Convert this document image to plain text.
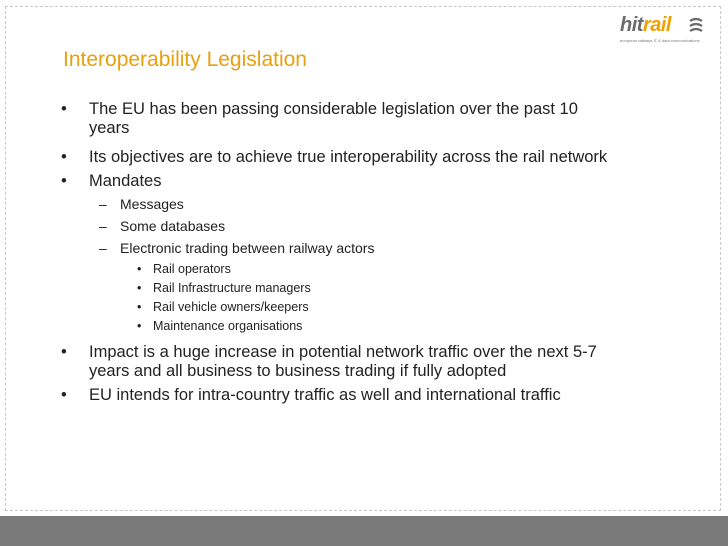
hitrail
european railways IT & data communications
Interoperability Legislation
• The EU has been passing considerable legislation over the past 10
years
• Its objectives are to achieve true interoperability across the rail network
• Mandates
– Messages
– Some databases
– Electronic trading between railway actors
• Rail operators
• Rail Infrastructure managers
• Rail vehicle owners/keepers
• Maintenance organisations
• Impact is a huge increase in potential network traffic over the next 5-7
years and all business to business trading if fully adopted
• EU intends for intra-country traffic as well and international traffic
